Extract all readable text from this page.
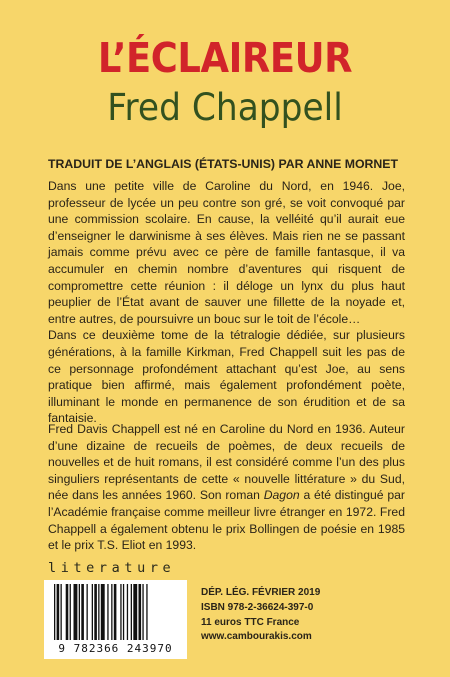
L’ÉCLAIREUR
Fred Chappell
TRADUIT DE L’ANGLAIS (ÉTATS-UNIS) PAR ANNE MORNET

Dans une petite ville de Caroline du Nord, en 1946. Joe, professeur de lycée un peu contre son gré, se voit convoqué par une commission scolaire. En cause, la velléité qu’il aurait eue d’enseigner le darwinisme à ses élèves. Mais rien ne se passant jamais comme prévu avec ce père de famille fantasque, il va accumuler en chemin nombre d’aventures qui risquent de compromettre cette réunion : il déloge un lynx du plus haut peuplier de l’État avant de sauver une fillette de la noyade et, entre autres, de poursuivre un bouc sur le toit de l’école…

Dans ce deuxième tome de la tétralogie dédiée, sur plusieurs générations, à la famille Kirkman, Fred Chappell suit les pas de ce personnage profondément attachant qu’est Joe, au sens pratique bien affirmé, mais également profondément poète, illuminant le monde en permanence de son érudition et de sa fantaisie.

Fred Davis Chappell est né en Caroline du Nord en 1936. Auteur d’une dizaine de recueils de poèmes, de deux recueils de nouvelles et de huit romans, il est considéré comme l’un des plus singuliers représentants de cette « nouvelle littérature » du Sud, née dans les années 1960. Son roman Dagon a été distingué par l’Académie française comme meilleur livre étranger en 1972. Fred Chappell a également obtenu le prix Bollingen de poésie en 1985 et le prix T.S. Eliot en 1993.

literature
9 782366 243970
DÉP. LÉG. FÉVRIER 2019
ISBN 978-2-36624-397-0
11 euros TTC France
www.cambourakis.com
